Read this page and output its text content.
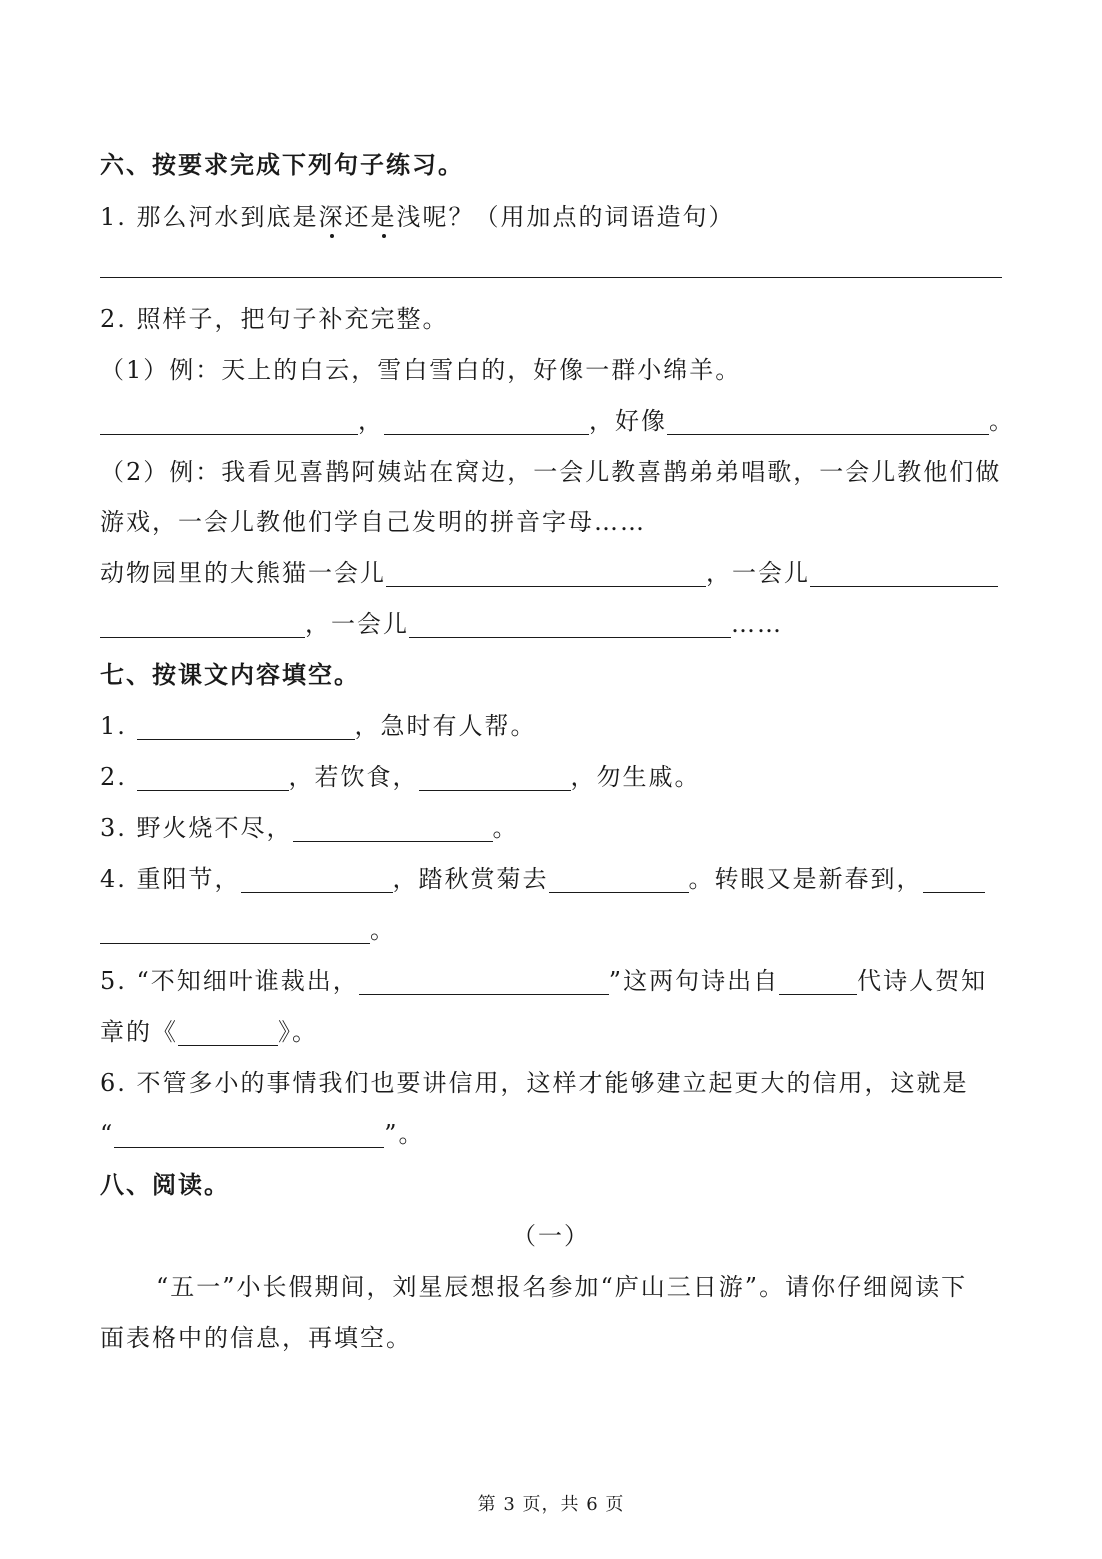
六、按要求完成下列句子练习。
1. 那么河水到底是深还是浅呢？（用加点的词语造句）
2. 照样子，把句子补充完整。
（1）例：天上的白云，雪白雪白的，好像一群小绵羊。
，	，好像	。
（2）例：我看见喜鹊阿姨站在窝边，一会儿教喜鹊弟弟唱歌，一会儿教他们做
游戏，一会儿教他们学自己发明的拼音字母……
动物园里的大熊猫一会儿	，一会儿
，一会儿	……
七、按课文内容填空。
1.	，急时有人帮。
2.	，若饮食，	，勿生戚。
3. 野火烧不尽，	。
4. 重阳节，	，踏秋赏菊去	。转眼又是新春到，
。
5. “不知细叶谁裁出，	”这两句诗出自	代诗人贺知
章的《	》。
6. 不管多小的事情我们也要讲信用，这样才能够建立起更大的信用，这就是
“	”。
八、阅读。
（一）
“五一”小长假期间，刘星辰想报名参加“庐山三日游”。请你仔细阅读下
面表格中的信息，再填空。
第 3 页，共 6 页
